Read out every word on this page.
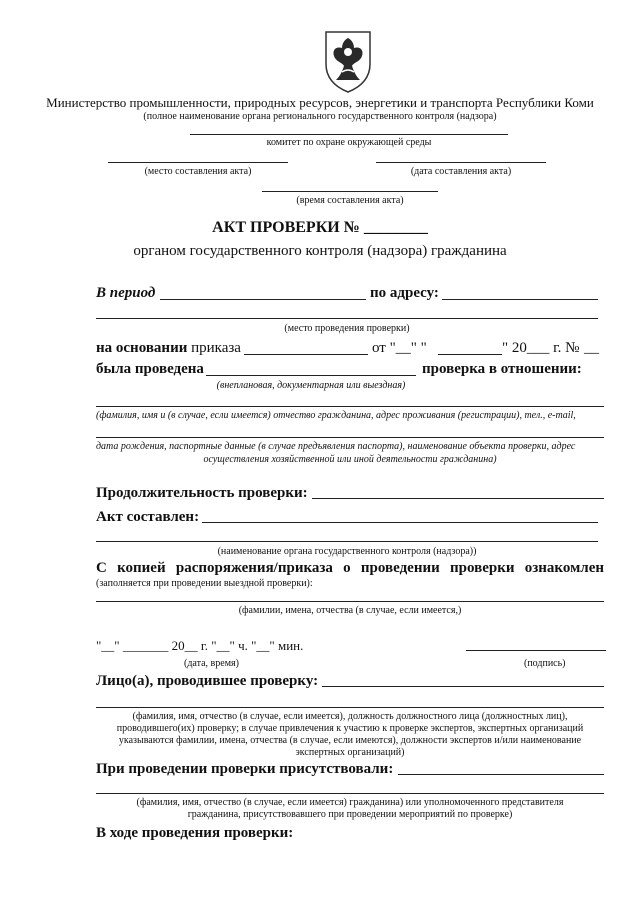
Министерство промышленности, природных ресурсов, энергетики и транспорта Республики Коми
(полное наименование органа регионального государственного контроля (надзора)
комитет по охране окружающей среды
(место составления акта)	(дата составления акта)
(время составления акта)
АКТ ПРОВЕРКИ № ________
органом государственного контроля (надзора) гражданина
В период	по адресу:
(место проведения проверки)
на основании приказа	от "__" "	" 20___ г. № __
была проведена	проверка в отношении:
(внеплановая, документарная или выездная)
(фамилия, имя и (в случае, если имеется) отчество гражданина, адрес проживания (регистрации), тел., e-mail,
дата рождения, паспортные данные (в случае предъявления паспорта), наименование объекта проверки, адрес
осуществления хозяйственной или иной деятельности гражданина)
Продолжительность проверки:
Акт составлен:
(наименование органа государственного контроля (надзора))
С копией распоряжения/приказа о проведении проверки ознакомлен
(заполняется при проведении выездной проверки):
(фамилии, имена, отчества (в случае, если имеется,)
"__" _______ 20__ г. "__" ч. "__" мин.
(дата, время)	(подпись)
Лицо(а), проводившее проверку:
(фамилия, имя, отчество (в случае, если имеется), должность должностного лица (должностных лиц),
проводившего(их) проверку; в случае привлечения к участию к проверке экспертов, экспертных организаций
указываются фамилии, имена, отчества (в случае, если имеются), должности экспертов и/или наименование
экспертных организаций)
При проведении проверки присутствовали:
(фамилия, имя, отчество (в случае, если имеется) гражданина) или уполномоченного представителя
гражданина, присутствовавшего при проведении мероприятий по проверке)
В ходе проведения проверки:
